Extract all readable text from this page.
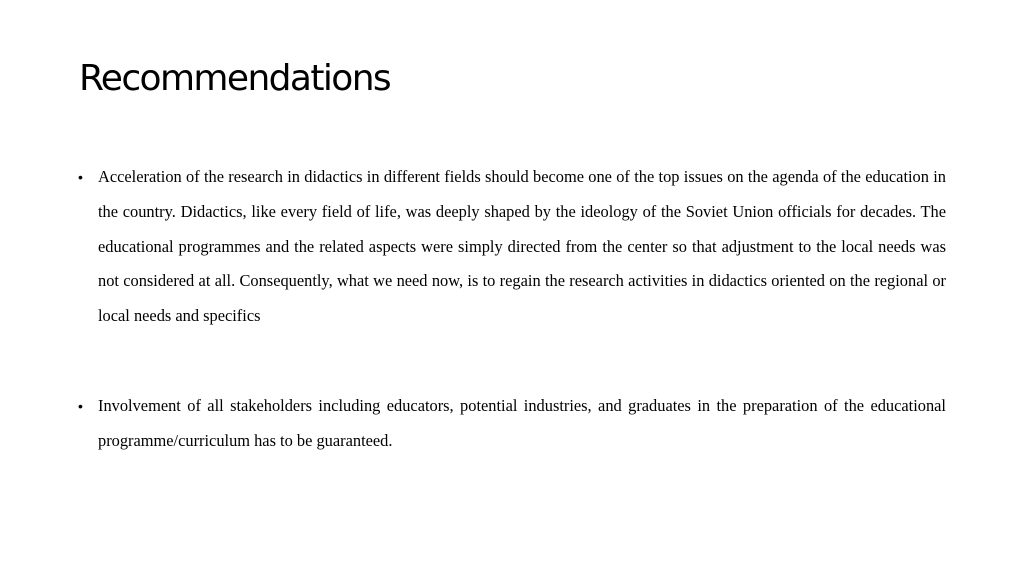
Recommendations
• Acceleration of the research in didactics in different fields should become one of the top issues on the agenda of the education in the country. Didactics, like every field of life, was deeply shaped by the ideology of the Soviet Union officials for decades. The educational programmes and the related aspects were simply directed from the center so that adjustment to the local needs was not considered at all. Consequently, what we need now, is to regain the research activities in didactics oriented on the regional or local needs and specifics
• Involvement of all stakeholders including educators, potential industries, and graduates in the preparation of the educational programme/curriculum has to be guaranteed.
